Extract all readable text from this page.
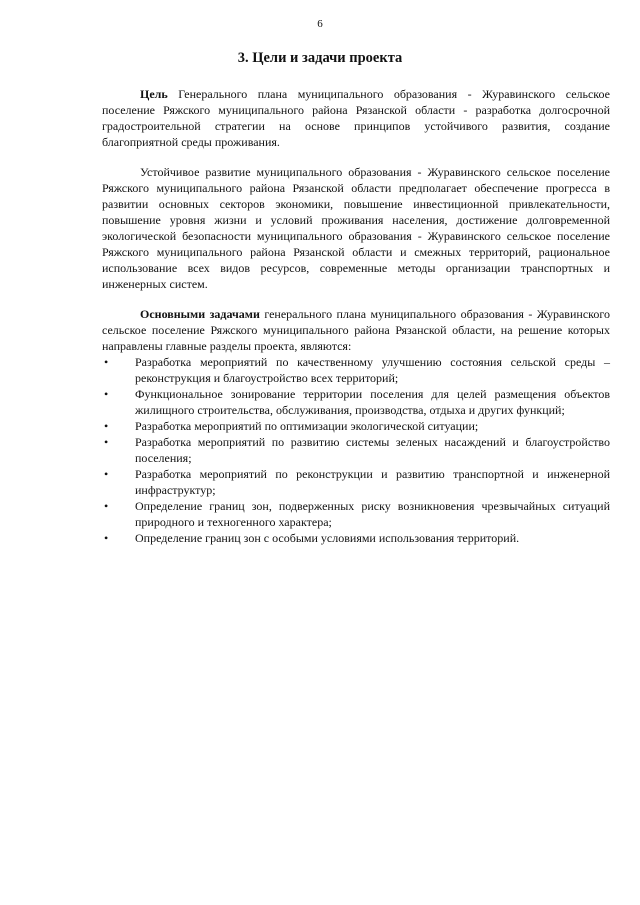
6
3. Цели и задачи проекта

Цель Генерального плана муниципального образования - Журавинского сельское поселение Ряжского муниципального района Рязанской области - разработка долгосрочной градостроительной стратегии на основе принципов устойчивого развития, создание благоприятной среды проживания.

Устойчивое развитие муниципального образования - Журавинского сельское поселение Ряжского муниципального района Рязанской области предполагает обеспечение прогресса в развитии основных секторов экономики, повышение инвестиционной привлекательности, повышение уровня жизни и условий проживания населения, достижение долговременной экологической безопасности муниципального образования - Журавинского сельское поселение Ряжского муниципального района Рязанской области и смежных территорий, рациональное использование всех видов ресурсов, современные методы организации транспортных и инженерных систем.

Основными задачами генерального плана муниципального образования - Журавинского сельское поселение Ряжского муниципального района Рязанской области, на решение которых направлены главные разделы проекта, являются:

•	Разработка мероприятий по качественному улучшению состояния сельской среды – реконструкция и благоустройство всех территорий;
•	Функциональное зонирование территории поселения для целей размещения объектов жилищного строительства, обслуживания, производства, отдыха и других функций;
•	Разработка мероприятий по оптимизации экологической ситуации;
•	Разработка мероприятий по развитию системы зеленых насаждений и благоустройство поселения;
•	Разработка мероприятий по реконструкции и развитию транспортной и инженерной инфраструктур;
•	Определение границ зон, подверженных риску возникновения чрезвычайных ситуаций природного и техногенного характера;
•	Определение границ зон с особыми условиями использования территорий.
